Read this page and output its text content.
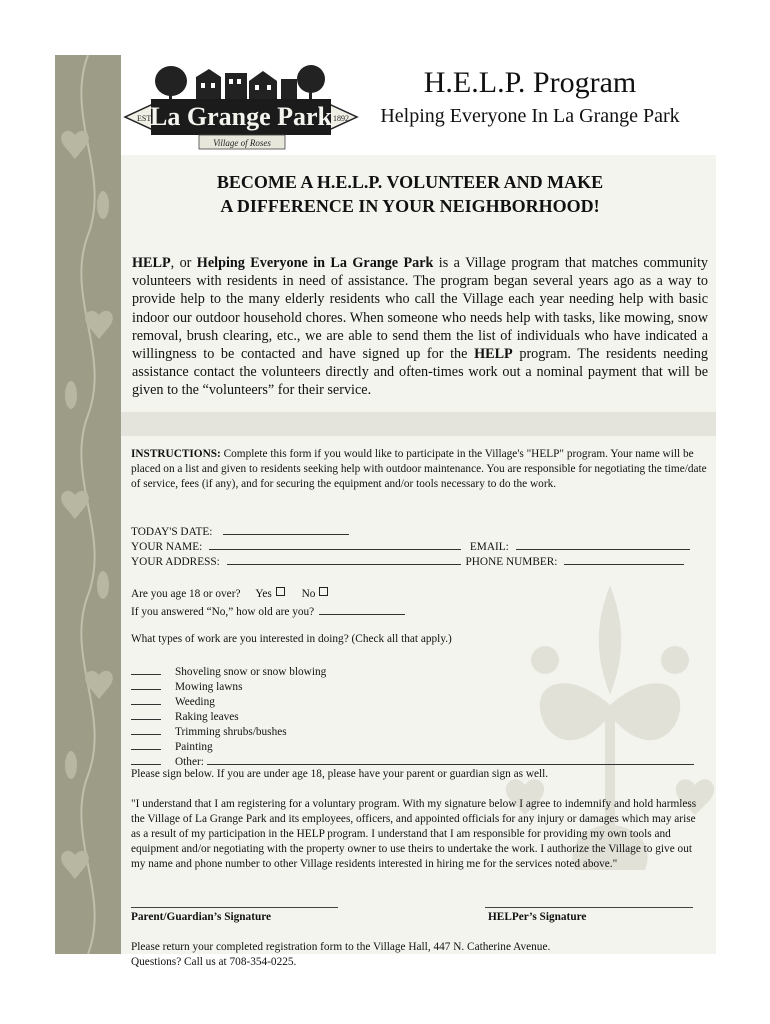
La Grange Park
EST.	1892
Village of Roses
H.E.L.P. Program
Helping Everyone In La Grange Park
BECOME A H.E.L.P. VOLUNTEER AND MAKE
A DIFFERENCE IN YOUR NEIGHBORHOOD!
HELP, or Helping Everyone in La Grange Park is a Village program that matches community volunteers with residents in need of assistance. The program began several years ago as a way to provide help to the many elderly residents who call the Village each year needing help with basic indoor our outdoor household chores. When someone who needs help with tasks, like mowing, snow removal, brush clearing, etc., we are able to send them the list of individuals who have indicated a willingness to be contacted and have signed up for the HELP program. The residents needing assistance contact the volunteers directly and often-times work out a nominal payment that will be given to the “volunteers” for their service.
INSTRUCTIONS: Complete this form if you would like to participate in the Village's "HELP" program. Your name will be placed on a list and given to residents seeking help with outdoor maintenance. You are responsible for negotiating the time/date of service, fees (if any), and for securing the equipment and/or tools necessary to do the work.
TODAY'S DATE:
YOUR NAME:	EMAIL:
YOUR ADDRESS:	PHONE NUMBER:
Are you age 18 or over? Yes	No
If you answered “No,” how old are you?
What types of work are you interested in doing? (Check all that apply.)
Shoveling snow or snow blowing
Mowing lawns
Weeding
Raking leaves
Trimming shrubs/bushes
Painting
Other:
Please sign below. If you are under age 18, please have your parent or guardian sign as well.
"I understand that I am registering for a voluntary program. With my signature below I agree to indemnify and hold harmless the Village of La Grange Park and its employees, officers, and appointed officials for any injury or damages which may arise as a result of my participation in the HELP program. I understand that I am responsible for providing my own tools and equipment and/or negotiating with the property owner to use theirs to undertake the work. I authorize the Village to give out my name and phone number to other Village residents interested in hiring me for the services noted above."
Parent/Guardian’s Signature	HELPer’s Signature
Please return your completed registration form to the Village Hall, 447 N. Catherine Avenue.
Questions? Call us at 708-354-0225.
